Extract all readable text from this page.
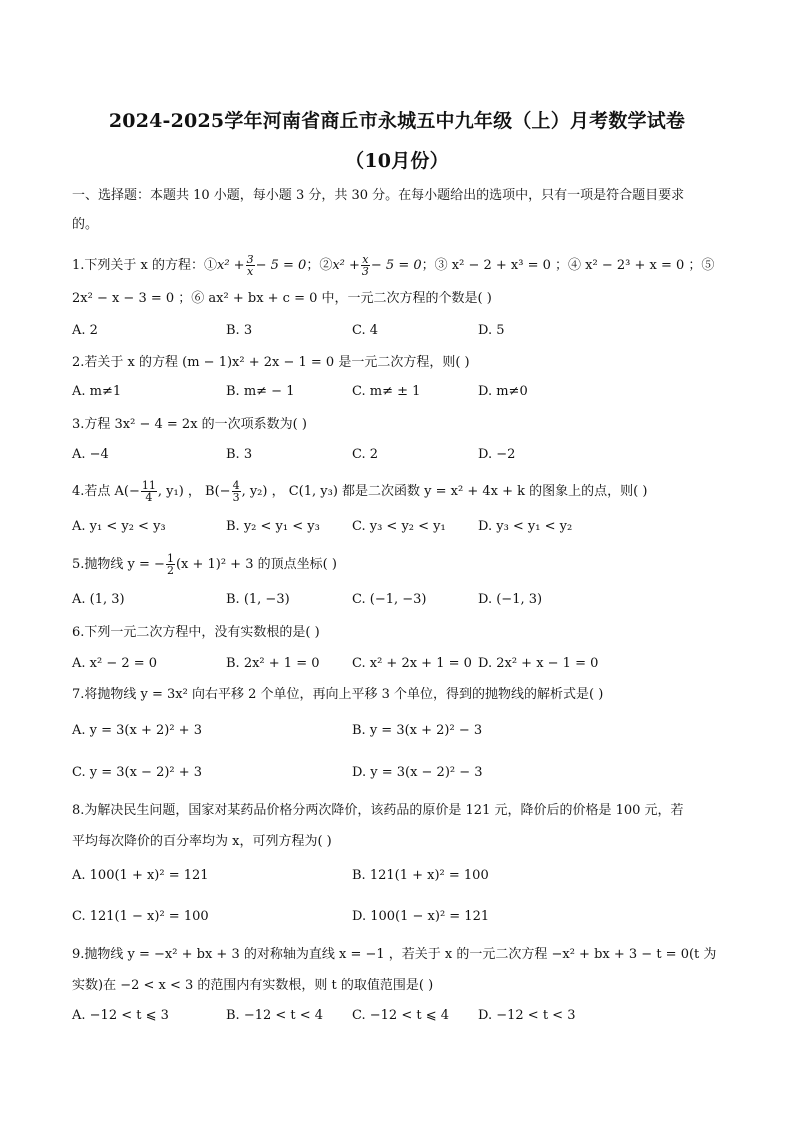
2024-2025学年河南省商丘市永城五中九年级（上）月考数学试卷
（10月份）
一、选择题：本题共 10 小题，每小题 3 分，共 30 分。在每小题给出的选项中，只有一项是符合题目要求
的。
1.下列关于 x 的方程：①x² + $\frac{3}{x} - 5 = 0$；②x² + $\frac{x}{3} - 5 = 0$；③ x² − 2 + x³ = 0 ；④ x² − 2³ + x = 0 ；⑤
2x² − x − 3 = 0 ；⑥ ax² + bx + c = 0 中，一元二次方程的个数是( )
A. 2	B. 3	C. 4	D. 5
2.若关于 x 的方程 (m − 1)x² + 2x − 1 = 0 是一元二次方程，则( )
A. m≠1	B. m≠ − 1	C. m≠ ± 1	D. m≠0
3.方程 3x² − 4 = 2x 的一次项系数为( )
A. −4	B. 3	C. 2	D. −2
4.若点 $A(- \frac{11}{4}$ , y₁) ， $B(- \frac{4}{3}$ , y₂) ， C(1, y₃) 都是二次函数 y = x² + 4x + k 的图象上的点，则( )
A. y₁ < y₂ < y₃	B. y₂ < y₁ < y₃ C. y₃ < y₂ < y₁ D. y₃ < y₁ < y₂
5.抛物线 y = − $\frac{1}{2} (x + 1)^2 + 3$ 的顶点坐标( )
A. (1, 3)	B. (1, −3)	C. (−1, −3)	D. (−1, 3)
6.下列一元二次方程中，没有实数根的是( )
A. x² − 2 = 0	B. 2x² + 1 = 0	C. x² + 2x + 1 = 0 D. 2x² + x − 1 = 0
7.将抛物线 y = 3x² 向右平移 2 个单位，再向上平移 3 个单位，得到的抛物线的解析式是( )
A. y = 3(x + 2)² + 3	B. y = 3(x + 2)² − 3
C. y = 3(x − 2)² + 3	D. y = 3(x − 2)² − 3
8.为解决民生问题，国家对某药品价格分两次降价，该药品的原价是 121 元，降价后的价格是 100 元，若
平均每次降价的百分率均为 x，可列方程为( )
A. 100(1 + x)² = 121	B. 121(1 + x)² = 100
C. 121(1 − x)² = 100	D. 100(1 − x)² = 121
9.抛物线 y = −x² + bx + 3 的对称轴为直线 x = −1 ，若关于 x 的一元二次方程 −x² + bx + 3 − t = 0(t 为
实数)在 −2 < x < 3 的范围内有实数根，则 t 的取值范围是( )
A. −12 < t ⩽ 3	B. −12 < t < 4 C. −12 < t ⩽ 4 D. −12 < t < 3
